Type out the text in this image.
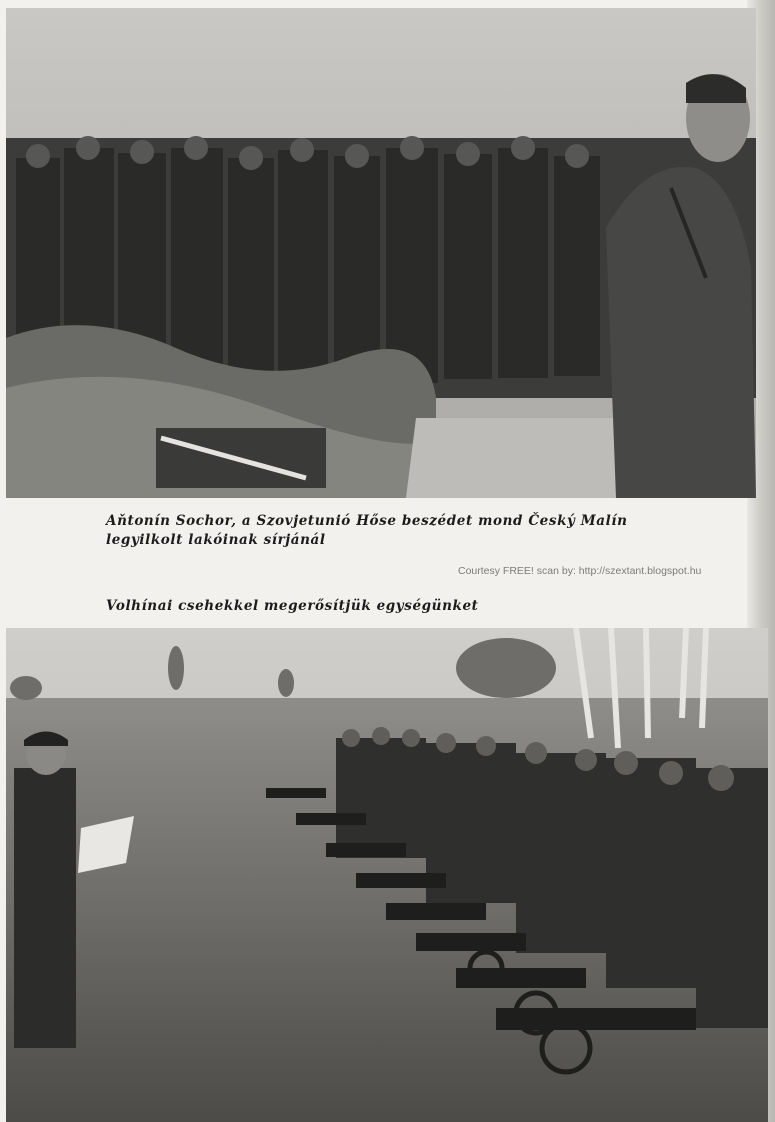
Aňtonín Sochor, a Szovjetunió Hőse beszédet mond Český Malín legyilkolt lakóinak sírjánál
Courtesy FREE! scan by: http://szextant.blogspot.hu
Volhínai csehekkel megerősítjük egységünket
